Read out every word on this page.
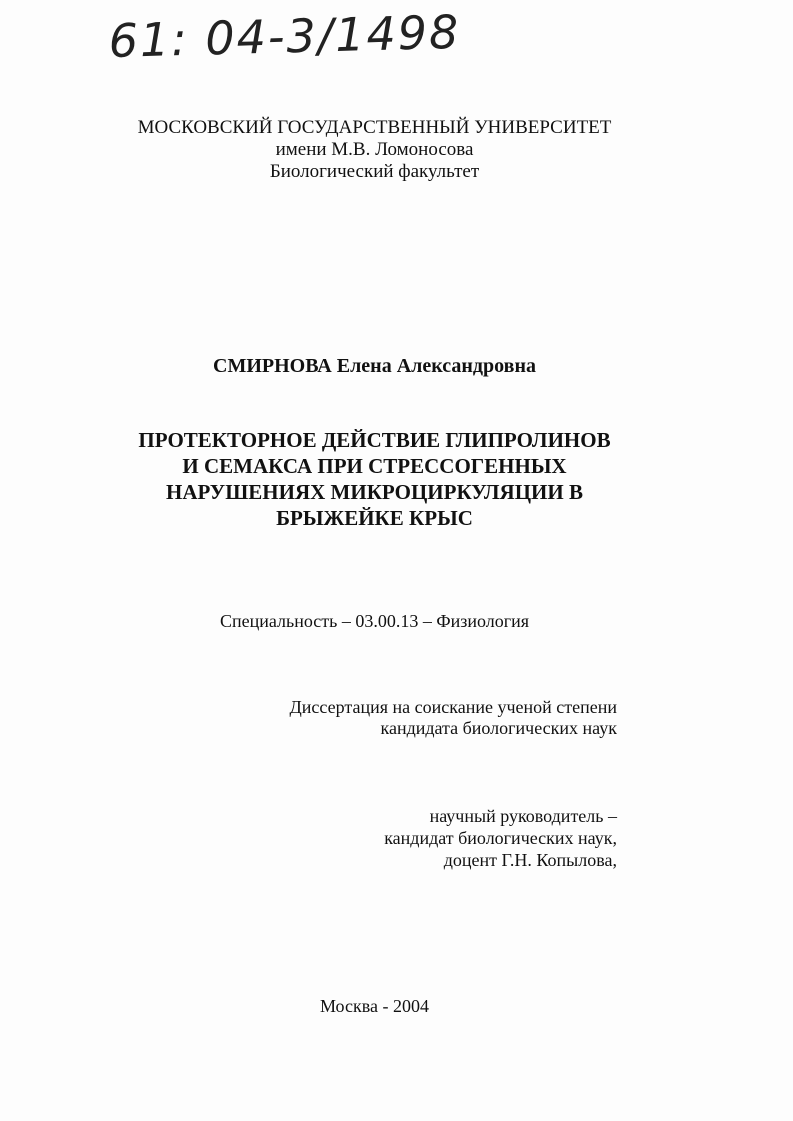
61: 04-3/1498
МОСКОВСКИЙ ГОСУДАРСТВЕННЫЙ УНИВЕРСИТЕТ
имени М.В. Ломоносова
Биологический факультет
СМИРНОВА Елена Александровна
ПРОТЕКТОРНОЕ ДЕЙСТВИЕ ГЛИПРОЛИНОВ
И СЕМАКСА ПРИ СТРЕССОГЕННЫХ
НАРУШЕНИЯХ МИКРОЦИРКУЛЯЦИИ В
БРЫЖЕЙКЕ КРЫС
Специальность – 03.00.13 – Физиология
Диссертация на соискание ученой степени
кандидата биологических наук
научный руководитель –
кандидат биологических наук,
доцент Г.Н. Копылова,
Москва - 2004
